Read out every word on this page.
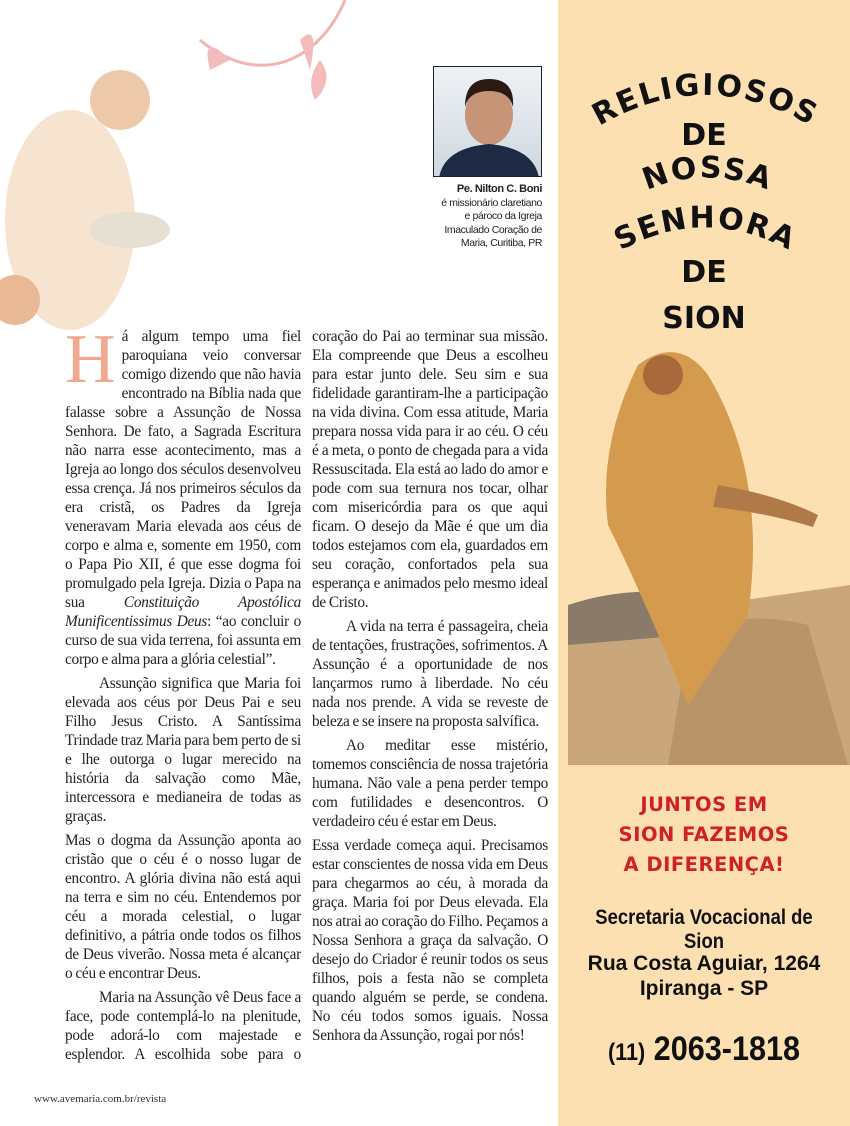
Pe. Nilton C. Boni
é missionário claretiano
e pároco da Igreja
Imaculado Coração de
Maria, Curitiba, PR

Há algum tempo uma fiel paroquiana veio conversar comigo dizendo que não havia encontrado na Bíblia nada que falasse sobre a Assunção de Nossa Senhora. De fato, a Sagrada Escritura não narra esse acontecimento, mas a Igreja ao longo dos séculos desenvolveu essa crença. Já nos primeiros séculos da era cristã, os Padres da Igreja veneravam Maria elevada aos céus de corpo e alma e, somente em 1950, com o Papa Pio XII, é que esse dogma foi promulgado pela Igreja. Dizia o Papa na sua Constituição Apostólica Munificentissimus Deus: “ao concluir o curso de sua vida terrena, foi assunta em corpo e alma para a glória celestial”.

Assunção significa que Maria foi elevada aos céus por Deus Pai e seu Filho Jesus Cristo. A Santíssima Trindade traz Maria para bem perto de si e lhe outorga o lugar merecido na história da salvação como Mãe, intercessora e medianeira de todas as graças.

Mas o dogma da Assunção aponta ao cristão que o céu é o nosso lugar de encontro. A glória divina não está aqui na terra e sim no céu. Entendemos por céu a morada celestial, o lugar definitivo, a pátria onde todos os filhos de Deus viverão. Nossa meta é alcançar o céu e encontrar Deus.

Maria na Assunção vê Deus face a face, pode contemplá-lo na plenitude, pode adorá-lo com majestade e esplendor. A escolhida sobe para o

coração do Pai ao terminar sua missão. Ela compreende que Deus a escolheu para estar junto dele. Seu sim e sua fidelidade garantiram-lhe a participação na vida divina. Com essa atitude, Maria prepara nossa vida para ir ao céu. O céu é a meta, o ponto de chegada para a vida Ressuscitada. Ela está ao lado do amor e pode com sua ternura nos tocar, olhar com misericórdia para os que aqui ficam. O desejo da Mãe é que um dia todos estejamos com ela, guardados em seu coração, confortados pela sua esperança e animados pelo mesmo ideal de Cristo.

A vida na terra é passageira, cheia de tentações, frustrações, sofrimentos. A Assunção é a oportunidade de nos lançarmos rumo à liberdade. No céu nada nos prende. A vida se reveste de beleza e se insere na proposta salvífica.

Ao meditar esse mistério, tomemos consciência de nossa trajetória humana. Não vale a pena perder tempo com futilidades e desencontros. O verdadeiro céu é estar em Deus.

Essa verdade começa aqui. Precisamos estar conscientes de nossa vida em Deus para chegarmos ao céu, à morada da graça. Maria foi por Deus elevada. Ela nos atrai ao coração do Filho. Peçamos a Nossa Senhora a graça da salvação. O desejo do Criador é reunir todos os seus filhos, pois a festa não se completa quando alguém se perde, se condena. No céu todos somos iguais. Nossa Senhora da Assunção, rogai por nós!

www.avemaria.com.br/revista
RELIGIOSOS
DE
NOSSA
SENHORA
DE
SION
JUNTOS EM
SION FAZEMOS
A DIFERENÇA!
Secretaria Vocacional de Sion
Rua Costa Aguiar, 1264
Ipiranga - SP
(11) 2063-1818
